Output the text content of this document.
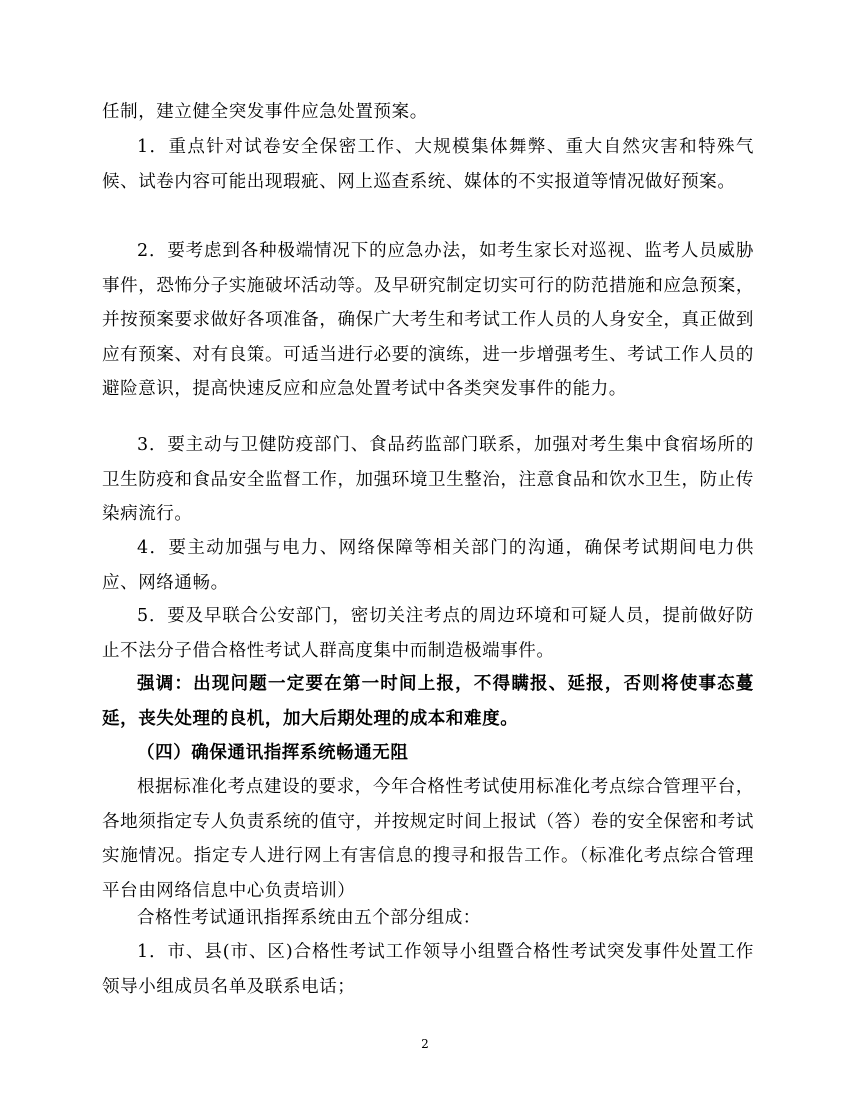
任制，建立健全突发事件应急处置预案。

1．重点针对试卷安全保密工作、大规模集体舞弊、重大自然灾害和特殊气候、试卷内容可能出现瑕疵、网上巡查系统、媒体的不实报道等情况做好预案。

2．要考虑到各种极端情况下的应急办法，如考生家长对巡视、监考人员威胁事件，恐怖分子实施破坏活动等。及早研究制定切实可行的防范措施和应急预案，并按预案要求做好各项准备，确保广大考生和考试工作人员的人身安全，真正做到应有预案、对有良策。可适当进行必要的演练，进一步增强考生、考试工作人员的避险意识，提高快速反应和应急处置考试中各类突发事件的能力。

3．要主动与卫健防疫部门、食品药监部门联系，加强对考生集中食宿场所的卫生防疫和食品安全监督工作，加强环境卫生整治，注意食品和饮水卫生，防止传染病流行。

4．要主动加强与电力、网络保障等相关部门的沟通，确保考试期间电力供应、网络通畅。

5．要及早联合公安部门，密切关注考点的周边环境和可疑人员，提前做好防止不法分子借合格性考试人群高度集中而制造极端事件。

强调：出现问题一定要在第一时间上报，不得瞒报、延报，否则将使事态蔓延，丧失处理的良机，加大后期处理的成本和难度。

（四）确保通讯指挥系统畅通无阻

根据标准化考点建设的要求，今年合格性考试使用标准化考点综合管理平台，各地须指定专人负责系统的值守，并按规定时间上报试（答）卷的安全保密和考试实施情况。指定专人进行网上有害信息的搜寻和报告工作。（标准化考点综合管理平台由网络信息中心负责培训）

合格性考试通讯指挥系统由五个部分组成：

1．市、县(市、区)合格性考试工作领导小组暨合格性考试突发事件处置工作领导小组成员名单及联系电话；

2
